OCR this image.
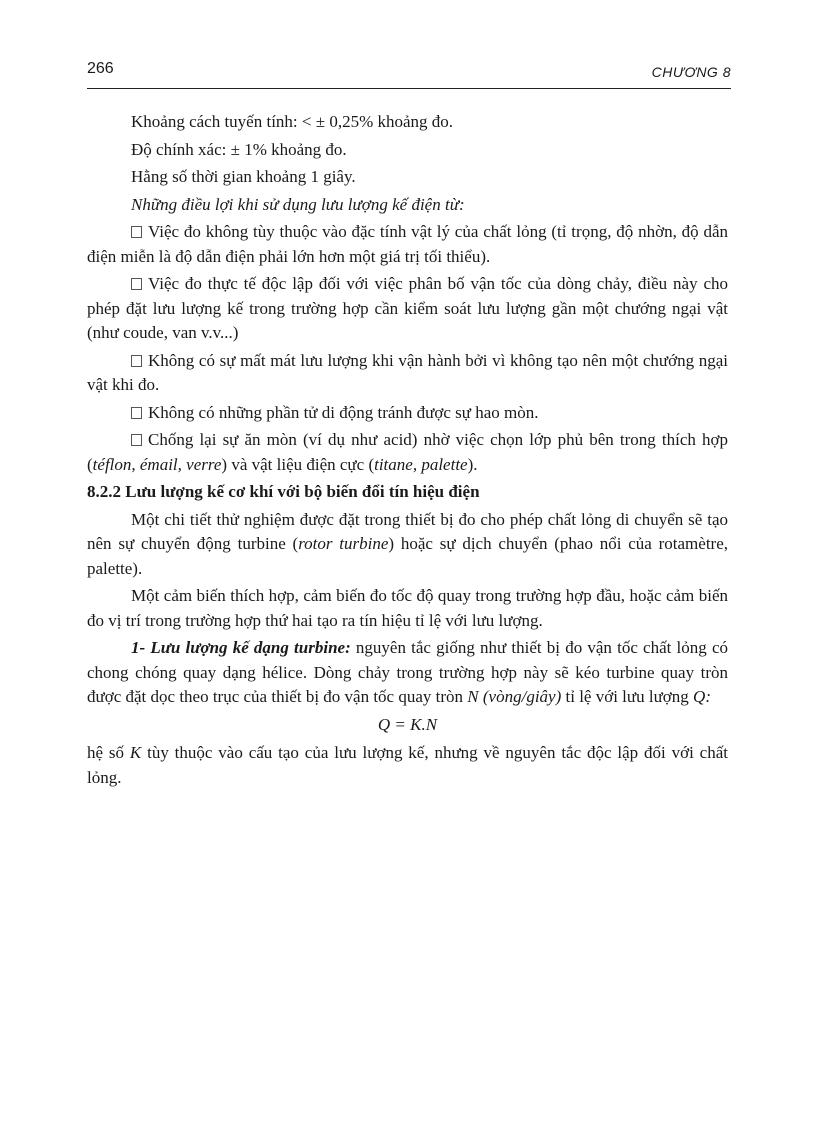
266	CHƯƠNG 8

Khoảng cách tuyến tính: < ± 0,25% khoảng đo.

Độ chính xác: ± 1% khoảng đo.

Hằng số thời gian khoảng 1 giây.

Những điều lợi khi sử dụng lưu lượng kế điện từ:

Việc đo không tùy thuộc vào đặc tính vật lý của chất lỏng (tỉ trọng, độ nhờn, độ dẫn điện miễn là độ dẫn điện phải lớn hơn một giá trị tối thiểu).

Việc đo thực tế độc lập đối với việc phân bố vận tốc của dòng chảy, điều này cho phép đặt lưu lượng kế trong trường hợp cần kiểm soát lưu lượng gần một chướng ngại vật (như coude, van v.v...)

Không có sự mất mát lưu lượng khi vận hành bởi vì không tạo nên một chướng ngại vật khi đo.

Không có những phần tử di động tránh được sự hao mòn.

Chống lại sự ăn mòn (ví dụ như acid) nhờ việc chọn lớp phủ bên trong thích hợp (téflon, émail, verre) và vật liệu điện cực (titane, palette).

8.2.2 Lưu lượng kế cơ khí với bộ biến đổi tín hiệu điện

Một chi tiết thử nghiệm được đặt trong thiết bị đo cho phép chất lỏng di chuyển sẽ tạo nên sự chuyển động turbine (rotor turbine) hoặc sự dịch chuyển (phao nổi của rotamètre, palette).

Một cảm biến thích hợp, cảm biến đo tốc độ quay trong trường hợp đầu, hoặc cảm biến đo vị trí trong trường hợp thứ hai tạo ra tín hiệu tỉ lệ với lưu lượng.

1- Lưu lượng kế dạng turbine: nguyên tắc giống như thiết bị đo vận tốc chất lỏng có chong chóng quay dạng hélice. Dòng chảy trong trường hợp này sẽ kéo turbine quay tròn được đặt dọc theo trục của thiết bị đo vận tốc quay tròn N (vòng/giây) tỉ lệ với lưu lượng Q:

Q = K.N

hệ số K tùy thuộc vào cấu tạo của lưu lượng kế, nhưng về nguyên tắc độc lập đối với chất lỏng.
